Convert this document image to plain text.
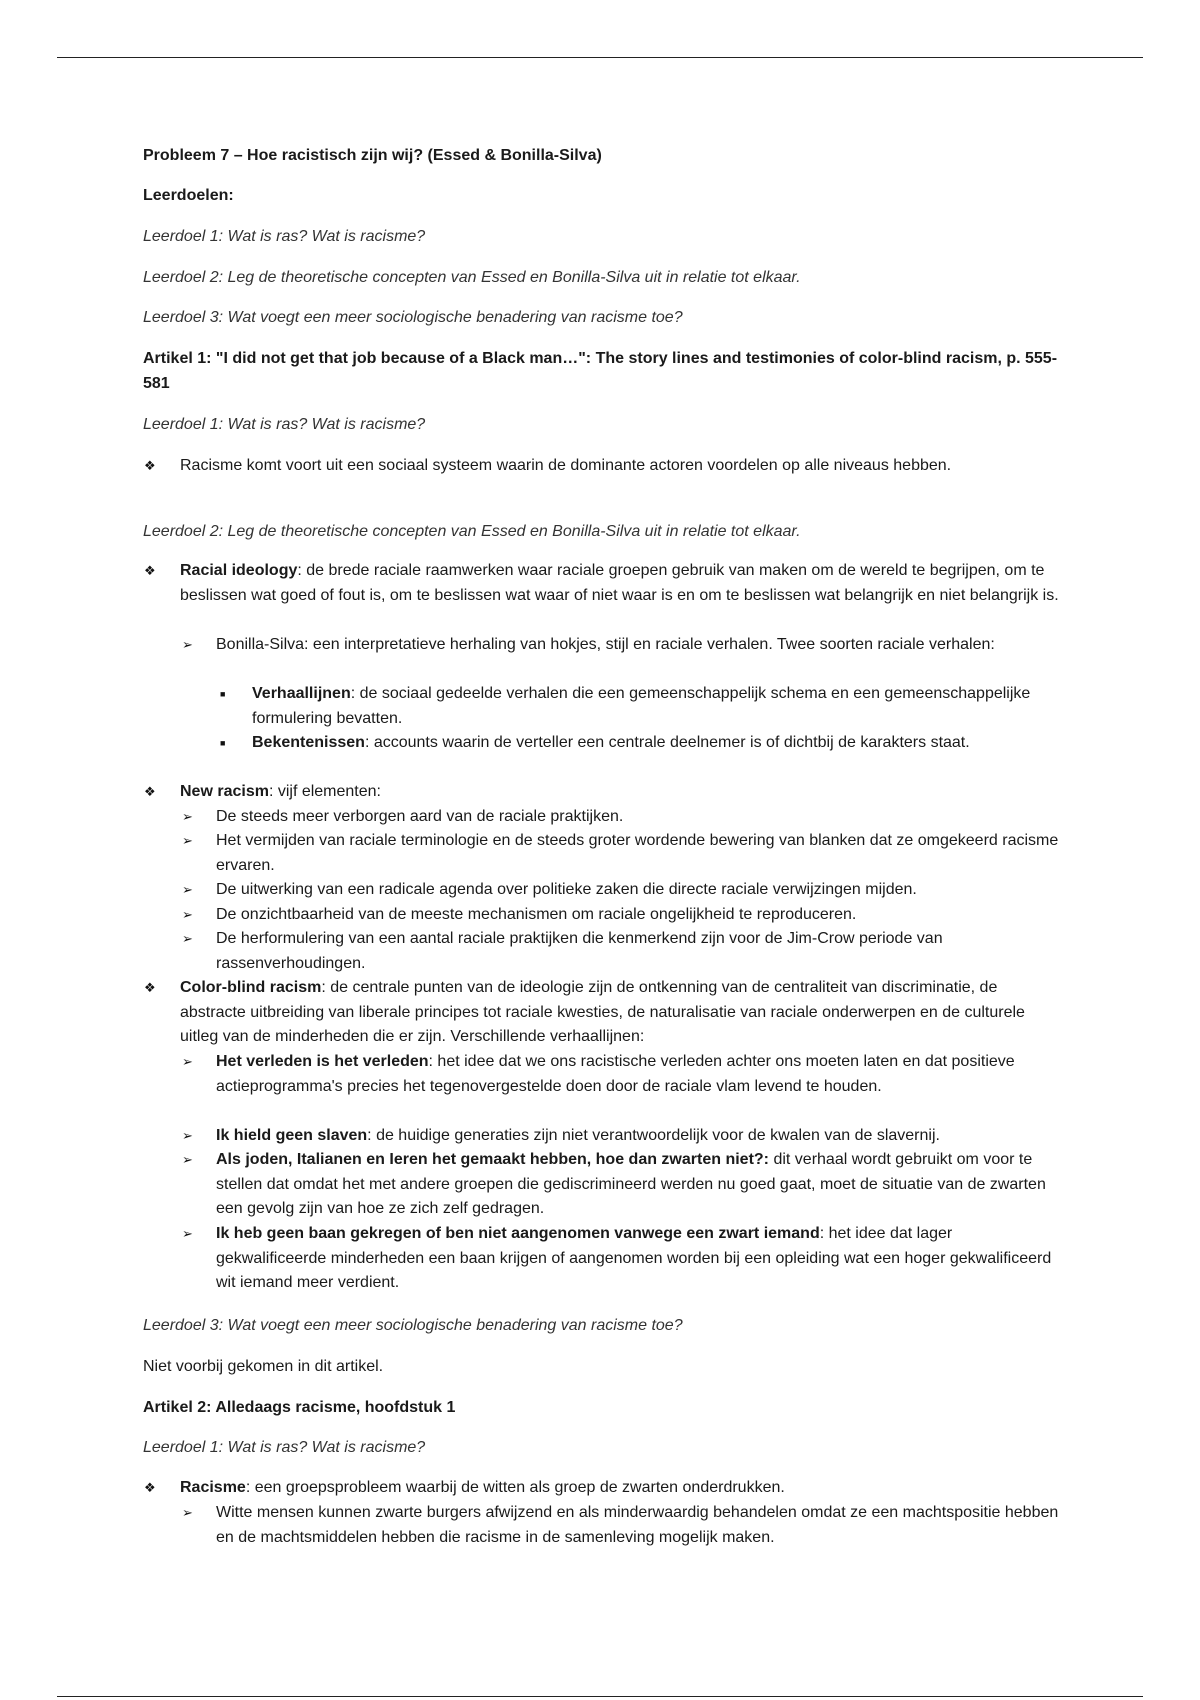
Probleem 7 – Hoe racistisch zijn wij? (Essed & Bonilla-Silva)

Leerdoelen:

Leerdoel 1: Wat is ras? Wat is racisme?

Leerdoel 2: Leg de theoretische concepten van Essed en Bonilla-Silva uit in relatie tot elkaar.

Leerdoel 3: Wat voegt een meer sociologische benadering van racisme toe?

Artikel 1: "I did not get that job because of a Black man…": The story lines and testimonies of color-blind racism, p. 555-581

Leerdoel 1: Wat is ras? Wat is racisme?

❖ Racisme komt voort uit een sociaal systeem waarin de dominante actoren voordelen op alle niveaus hebben.

Leerdoel 2: Leg de theoretische concepten van Essed en Bonilla-Silva uit in relatie tot elkaar.

❖ Racial ideology: de brede raciale raamwerken waar raciale groepen gebruik van maken om de wereld te begrijpen, om te beslissen wat goed of fout is, om te beslissen wat waar of niet waar is en om te beslissen wat belangrijk en niet belangrijk is.
➢ Bonilla-Silva: een interpretatieve herhaling van hokjes, stijl en raciale verhalen. Twee soorten raciale verhalen:
■ Verhaallijnen: de sociaal gedeelde verhalen die een gemeenschappelijk schema en een gemeenschappelijke formulering bevatten.
■ Bekentenissen: accounts waarin de verteller een centrale deelnemer is of dichtbij de karakters staat.
❖ New racism: vijf elementen:
➢ De steeds meer verborgen aard van de raciale praktijken.
➢ Het vermijden van raciale terminologie en de steeds groter wordende bewering van blanken dat ze omgekeerd racisme ervaren.
➢ De uitwerking van een radicale agenda over politieke zaken die directe raciale verwijzingen mijden.
➢ De onzichtbaarheid van de meeste mechanismen om raciale ongelijkheid te reproduceren.
➢ De herformulering van een aantal raciale praktijken die kenmerkend zijn voor de Jim-Crow periode van rassenverhoudingen.
❖ Color-blind racism: de centrale punten van de ideologie zijn de ontkenning van de centraliteit van discriminatie, de abstracte uitbreiding van liberale principes tot raciale kwesties, de naturalisatie van raciale onderwerpen en de culturele uitleg van de minderheden die er zijn. Verschillende verhaallijnen:
➢ Het verleden is het verleden: het idee dat we ons racistische verleden achter ons moeten laten en dat positieve actieprogramma's precies het tegenovergestelde doen door de raciale vlam levend te houden.
➢ Ik hield geen slaven: de huidige generaties zijn niet verantwoordelijk voor de kwalen van de slavernij.
➢ Als joden, Italianen en Ieren het gemaakt hebben, hoe dan zwarten niet?: dit verhaal wordt gebruikt om voor te stellen dat omdat het met andere groepen die gediscrimineerd werden nu goed gaat, moet de situatie van de zwarten een gevolg zijn van hoe ze zich zelf gedragen.
➢ Ik heb geen baan gekregen of ben niet aangenomen vanwege een zwart iemand: het idee dat lager gekwalificeerde minderheden een baan krijgen of aangenomen worden bij een opleiding wat een hoger gekwalificeerd wit iemand meer verdient.

Leerdoel 3: Wat voegt een meer sociologische benadering van racisme toe?

Niet voorbij gekomen in dit artikel.

Artikel 2: Alledaags racisme, hoofdstuk 1

Leerdoel 1: Wat is ras? Wat is racisme?

❖ Racisme: een groepsprobleem waarbij de witten als groep de zwarten onderdrukken.
➢ Witte mensen kunnen zwarte burgers afwijzend en als minderwaardig behandelen omdat ze een machtspositie hebben en de machtsmiddelen hebben die racisme in de samenleving mogelijk maken.
